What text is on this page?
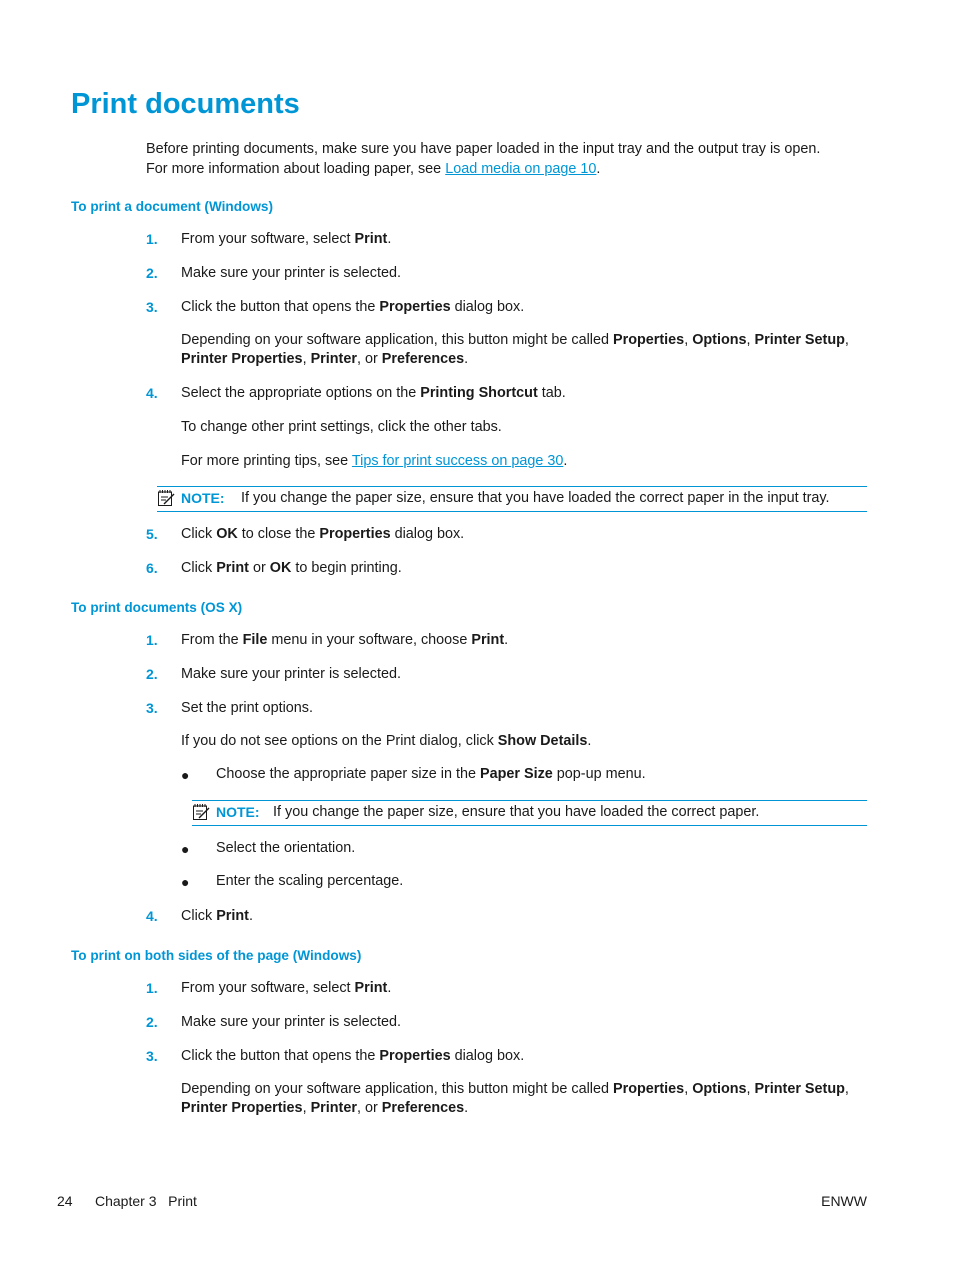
Print documents
Before printing documents, make sure you have paper loaded in the input tray and the output tray is open.
For more information about loading paper, see Load media on page 10.
To print a document (Windows)
1. From your software, select Print.
2. Make sure your printer is selected.
3. Click the button that opens the Properties dialog box.
Depending on your software application, this button might be called Properties, Options, Printer Setup,
Printer Properties, Printer, or Preferences.
4. Select the appropriate options on the Printing Shortcut tab.
To change other print settings, click the other tabs.
For more printing tips, see Tips for print success on page 30.
NOTE: If you change the paper size, ensure that you have loaded the correct paper in the input tray.
5. Click OK to close the Properties dialog box.
6. Click Print or OK to begin printing.
To print documents (OS X)
1. From the File menu in your software, choose Print.
2. Make sure your printer is selected.
3. Set the print options.
If you do not see options on the Print dialog, click Show Details.
● Choose the appropriate paper size in the Paper Size pop-up menu.
NOTE: If you change the paper size, ensure that you have loaded the correct paper.
● Select the orientation.
● Enter the scaling percentage.
4. Click Print.
To print on both sides of the page (Windows)
1. From your software, select Print.
2. Make sure your printer is selected.
3. Click the button that opens the Properties dialog box.
Depending on your software application, this button might be called Properties, Options, Printer Setup,
Printer Properties, Printer, or Preferences.
24 Chapter 3   Print	ENWW
